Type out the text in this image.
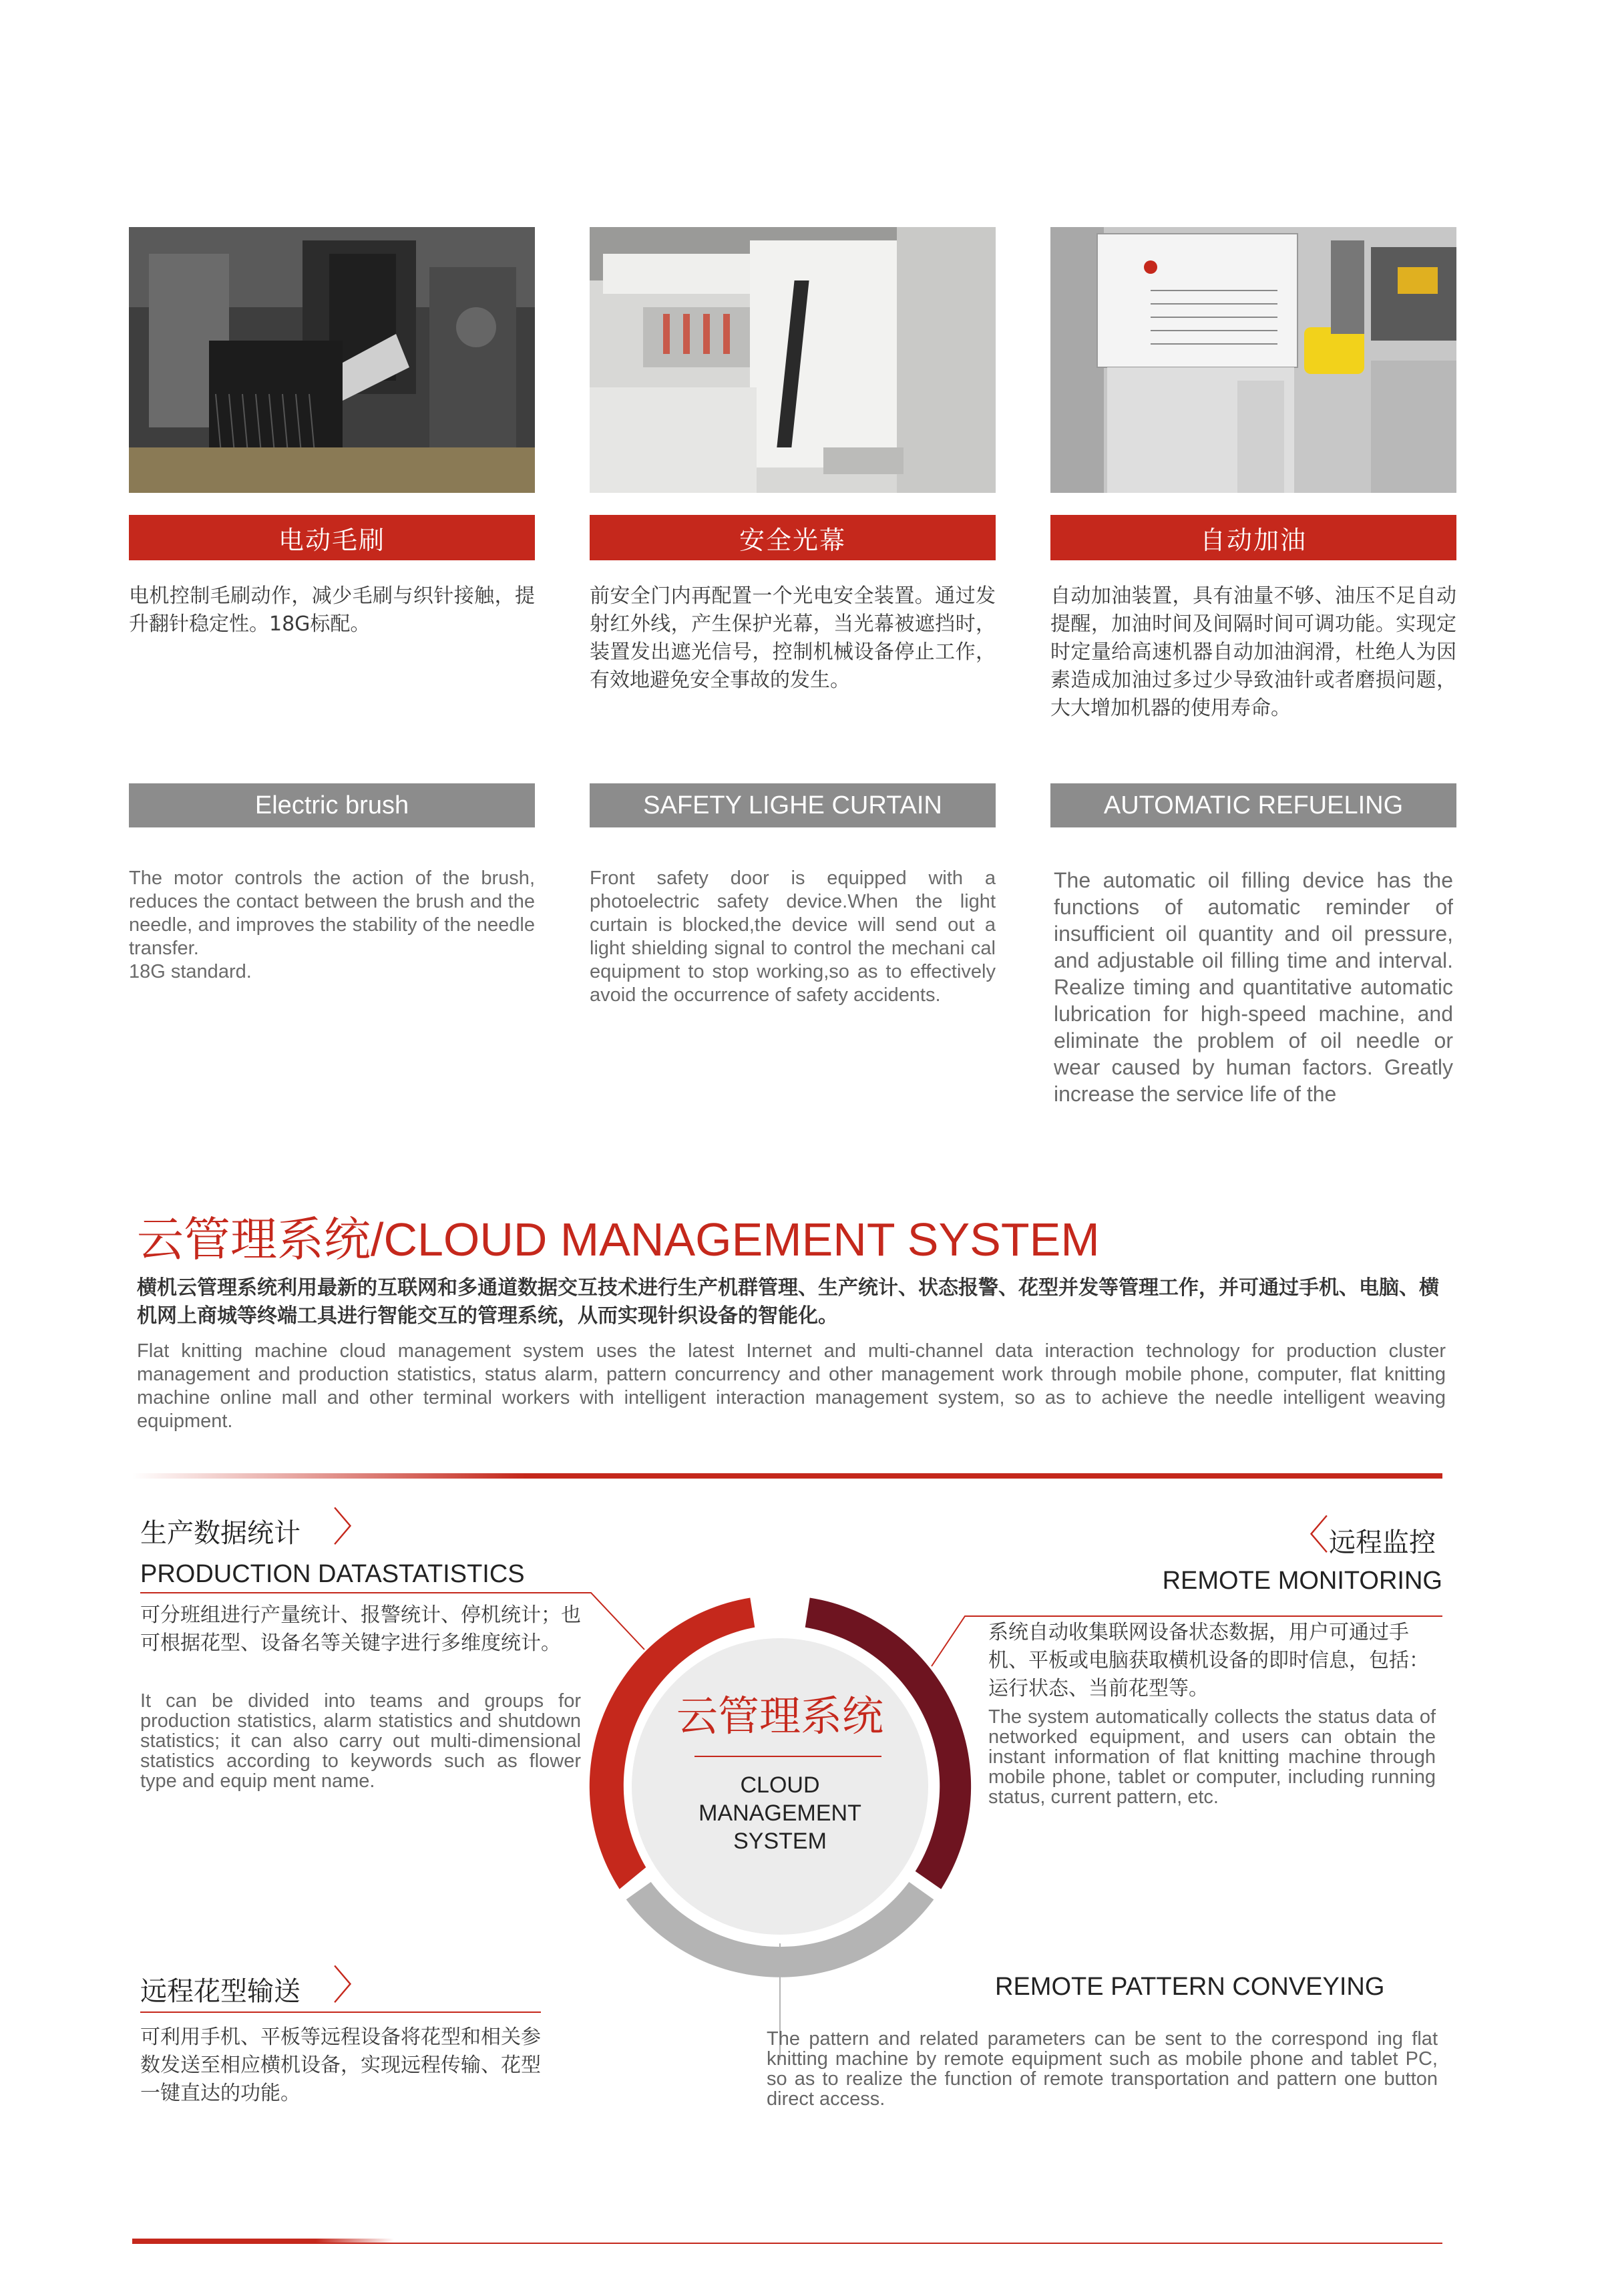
电动毛刷	安全光幕	自动加油
电机控制毛刷动作，减少毛刷与织针接触，提升翻针稳定性。18G标配。
前安全门内再配置一个光电安全装置。通过发射红外线，产生保护光幕，当光幕被遮挡时，装置发出遮光信号，控制机械设备停止工作，有效地避免安全事故的发生。
自动加油装置，具有油量不够、油压不足自动提醒，加油时间及间隔时间可调功能。实现定时定量给高速机器自动加油润滑，杜绝人为因素造成加油过多过少导致油针或者磨损问题，大大增加机器的使用寿命。
Electric brush	SAFETY LIGHE CURTAIN	AUTOMATIC REFUELING
The motor controls the action of the brush, reduces the contact between the brush and the needle, and improves the stability of the needle transfer.
18G standard.
Front safety door is equipped with a photoelectric safety device.When the light curtain is blocked,the device will send out a light shielding signal to control the mechani cal equipment to stop working,so as to effectively avoid the occurrence of safety accidents.
The automatic oil filling device has the functions of automatic reminder of insufficient oil quantity and oil pressure, and adjustable oil filling time and interval. Realize timing and quantitative automatic lubrication for high-speed machine, and eliminate the problem of oil needle or wear caused by human factors. Greatly increase the service life of the
云管理系统/CLOUD MANAGEMENT SYSTEM
横机云管理系统利用最新的互联网和多通道数据交互技术进行生产机群管理、生产统计、状态报警、花型并发等管理工作，并可通过手机、电脑、横机网上商城等终端工具进行智能交互的管理系统，从而实现针织设备的智能化。
Flat knitting machine cloud management system uses the latest Internet and multi-channel data interaction technology for production cluster management and production statistics, status alarm, pattern concurrency and other management work through mobile phone, computer, flat knitting machine online mall and other terminal workers with intelligent interaction management system, so as to achieve the needle intelligent weaving equipment.
云管理系统
CLOUD
MANAGEMENT
SYSTEM
生产数据统计 〉
PRODUCTION DATASTATISTICS
可分班组进行产量统计、报警统计、停机统计；也可根据花型、设备名等关键字进行多维度统计。
It can be divided into teams and groups for production statistics, alarm statistics and shutdown statistics; it can also carry out multi-dimensional statistics according to keywords such as flower type and equip ment name.
〈 远程监控
REMOTE MONITORING
系统自动收集联网设备状态数据，用户可通过手机、平板或电脑获取横机设备的即时信息，包括：运行状态、当前花型等。
The system automatically collects the status data of networked equipment, and users can obtain the instant information of flat knitting machine through mobile phone, tablet or computer, including running status, current pattern, etc.
远程花型输送 〉	REMOTE PATTERN CONVEYING
可利用手机、平板等远程设备将花型和相关参数发送至相应横机设备，实现远程传输、花型一键直达的功能。
The pattern and related parameters can be sent to the correspond ing flat knitting machine by remote equipment such as mobile phone and tablet PC, so as to realize the function of remote transportation and pattern one button direct access.
